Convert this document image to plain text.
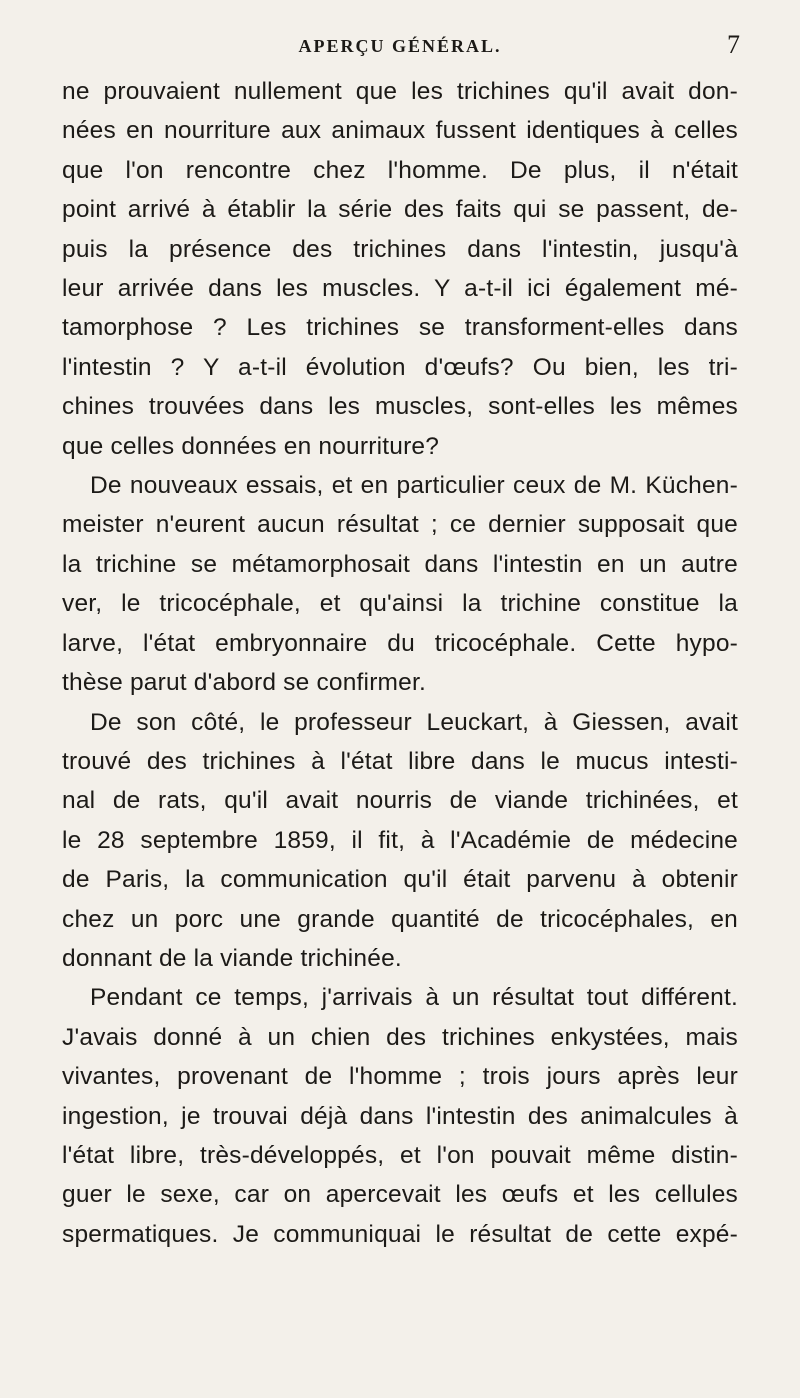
APERÇU GÉNÉRAL.	7

ne prouvaient nullement que les trichines qu'il avait don-
nées en nourriture aux animaux fussent identiques à celles
que l'on rencontre chez l'homme. De plus, il n'était
point arrivé à établir la série des faits qui se passent, de-
puis la présence des trichines dans l'intestin, jusqu'à
leur arrivée dans les muscles. Y a-t-il ici également mé-
tamorphose ? Les trichines se transforment-elles dans
l'intestin ? Y a-t-il évolution d'œufs? Ou bien, les tri-
chines trouvées dans les muscles, sont-elles les mêmes
que celles données en nourriture?

De nouveaux essais, et en particulier ceux de M. Küchen-
meister n'eurent aucun résultat ; ce dernier supposait que
la trichine se métamorphosait dans l'intestin en un autre
ver, le tricocéphale, et qu'ainsi la trichine constitue la
larve, l'état embryonnaire du tricocéphale. Cette hypo-
thèse parut d'abord se confirmer.

De son côté, le professeur Leuckart, à Giessen, avait
trouvé des trichines à l'état libre dans le mucus intesti-
nal de rats, qu'il avait nourris de viande trichinées, et
le 28 septembre 1859, il fit, à l'Académie de médecine
de Paris, la communication qu'il était parvenu à obtenir
chez un porc une grande quantité de tricocéphales, en
donnant de la viande trichinée.

Pendant ce temps, j'arrivais à un résultat tout différent.
J'avais donné à un chien des trichines enkystées, mais
vivantes, provenant de l'homme ; trois jours après leur
ingestion, je trouvai déjà dans l'intestin des animalcules à
l'état libre, très-développés, et l'on pouvait même distin-
guer le sexe, car on apercevait les œufs et les cellules
spermatiques. Je communiquai le résultat de cette expé-
